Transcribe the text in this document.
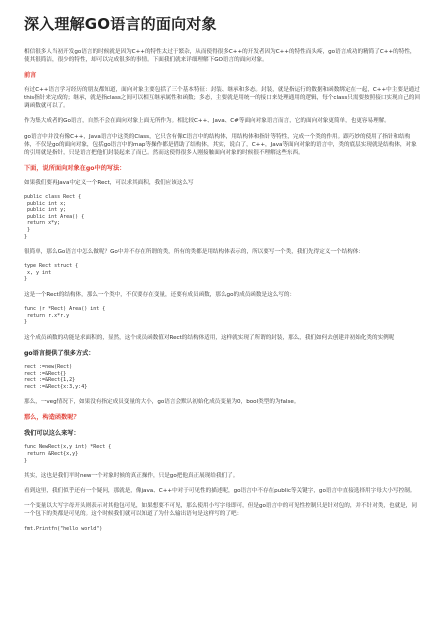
深入理解GO语言的面向对象

相信很多人当初开发go语言的时候就是因为C++的特性太过于繁杂，从而使得很多C++的开发者因为C++的特性而头疼，go语言成功的精简了C++的特性，使其很简洁，很少的特性，却可以完成很多的事情。下面我们就来详细理解下GO语言的面向对象。

前言

有过C++语言学习经历的朋友都知道，面向对象主要包括了三个基本特征：封装、继承和多态。封装，就是指运行的数据和函数绑定在一起，C++中主要是通过this指针来完成的；继承，就是指class之间可以相互继承属性和函数；多态，主要就是用统一的接口来处理通用的逻辑，每个class只需要按照接口实现自己的回调函数就可以了。

作为集大成者的Go语言，自然不会在面向对象上面无所作为。相比较C++、Java、C#等面向对象语言而言，它的面向对象更简单，也更容易理解。

go语言中并没有像C++，Java语言中这类的Class，它只含有像C语言中的结构体，用结构体和指针等特性，完成一个类的作用。跟巧妙的使用了指针和结构体，不仅是go的面向对象，包括go语言中的map等操作都是借助了结构体，其实，说白了，C++，Java等面向对象的语言中，类的底层实现就是结构体，对象的引用就是指针，只是语言把他们封装起来了而已。然而这使得很多人刚接触面向对象的时候很不理解这些东西。

下面，说所面向对象在go中的写法：

如果我们要再Java中定义一个Rect，可以求其面积，我们应该这么写

public class Rect {
public int x;
public int y;
public int Area() {
return x*y;
}
}

很简单，那么Go语言中怎么做呢？Go中并不存在所谓的类，所有的类都是用结构体表示的，所以要写一个类，我们先得定义一个结构体：

type Rect struct {
x, y int
}

这是一个Rect的结构体，那么一个类中，不仅要存在变量，还要有成员函数，那么go的成员函数是这么写的：

func (r *Rect) Area() int {
return r.x*r.y
}

这个成员函数的功能是求面积的，显然，这个成员函数值对Rect的结构体适用，这样就实现了所谓的封装，那么，我们如何去创建并初始化类的实例呢

go语言提供了很多方式：
rect :=new(Rect)
rect :=&Rect{}
rect :=&Rect{1,2}
rect :=&Rect{x:3,y:4}

那么，一veg情况下，如果没有指定成员变量的大小，go语言会默认初始化成员变量为0，bool类型的为false。

那么，构造函数呢？
我们可以这么来写：
func NewRect(x,y int) *Rect {
return &Rect{x,y}
}

其实，这也是我们平时new一个对象时候的真正操作，只是go把他真正展现给我们了。

看到这里，我们似乎还有一个疑问，那就是，像java、C++中对于可见性的描述呢，go语言中不存在public等关键字，go语言中直接选择用字母大小写控制。

一个变量以大写字母开头则表示对其他包可见，如果想要不可见，那么使用小写字母即可，但是go语言中的可见性控制只是针对包的，并不针对类，也就是，同一个包下的类都是可见的。这个时候我们就可以知道了为什么输出语句是这样写的了吧：

fmt.Printfn("hello world")
